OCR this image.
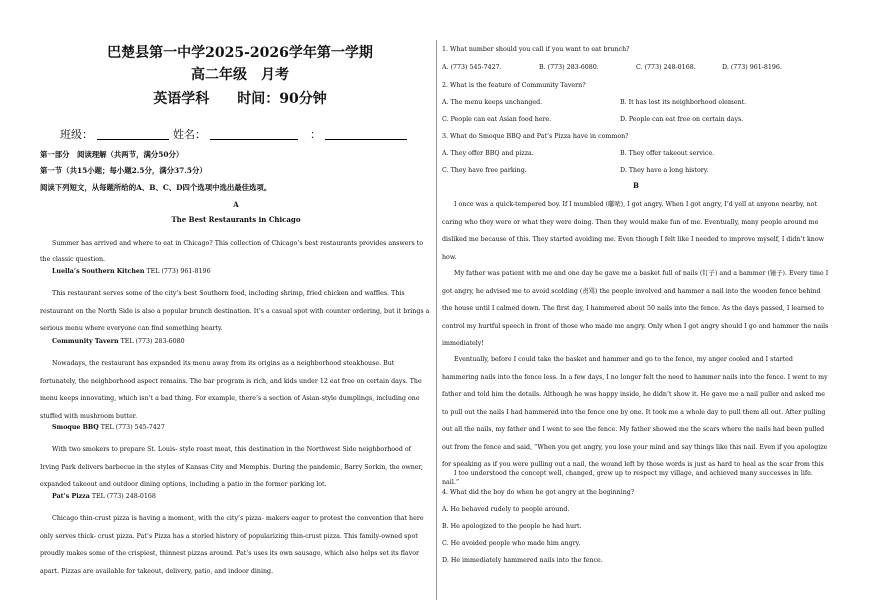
巴楚县第一中学2025-2026学年第一学期
高二年级　月考
英语学科　　时间：90分钟
班级：	姓名：	：
第一部分　阅读理解（共两节，满分50分）
第一节（共15小题；每小题2.5分，满分37.5分）
阅读下列短文，从每题所给的A、B、C、D四个选项中选出最佳选项。
A
The Best Restaurants in Chicago
Summer has arrived and where to eat in Chicago? This collection of Chicago’s best restaurants provides answers to the classic question.
Luella’s Southern Kitchen TEL (773) 961-8196
This restaurant serves some of the city’s best Southern food, including shrimp, fried chicken and waffles. This restaurant on the North Side is also a popular brunch destination. It’s a casual spot with counter ordering, but it brings a serious menu where everyone can find something hearty.
Community Tavern TEL (773) 283-6080
Nowadays, the restaurant has expanded its menu away from its origins as a neighborhood steakhouse. But fortunately, the neighborhood aspect remains. The bar program is rich, and kids under 12 eat free on certain days. The menu keeps innovating, which isn’t a bad thing. For example, there’s a section of Asian-style dumplings, including one stuffed with mushroom butter.
Smoque BBQ TEL (773) 545-7427
With two smokers to prepare St. Louis- style roast meat, this destination in the Northwest Side neighborhood of Irving Park delivers barbecue in the styles of Kansas City and Memphis. During the pandemic, Barry Sorkin, the owner, expanded takeout and outdoor dining options, including a patio in the former parking lot.
Pat’s Pizza TEL (773) 248-0168
Chicago thin-crust pizza is having a moment, with the city’s pizza- makers eager to protest the convention that here only serves thick- crust pizza. Pat’s Pizza has a storied history of popularizing thin-crust pizza. This family-owned spot proudly makes some of the crispiest, thinnest pizzas around. Pat’s uses its own sausage, which also helps set its flavor apart. Pizzas are available for takeout, delivery, patio, and indoor dining.
1. What number should you call if you want to eat brunch?
A. (773) 545-7427.	B. (773) 283-6080.	C. (773) 248-0168.	D. (773) 961-8196.
2. What is the feature of Community Tavern?
A. The menu keeps unchanged.	B. It has lost its neighborhood element.
C. People can eat Asian food here.	D. People can eat free on certain days.
3. What do Smoque BBQ and Pat’s Pizza have in common?
A. They offer BBQ and pizza.	B. They offer takeout service.
C. They have free parking.	D. They have a long history.
B
I once was a quick-tempered boy. If I mumbled (嘟哝), I got angry. When I got angry, I’d yell at anyone nearby, not caring who they were or what they were doing. Then they would make fun of me. Eventually, many people around me disliked me because of this. They started avoiding me. Even though I felt like I needed to improve myself, I didn’t know how.
My father was patient with me and one day he gave me a basket full of nails (钉子) and a hammer (锤子). Every time I got angry, he advised me to avoid scolding (责骂) the people involved and hammer a nail into the wooden fence behind the house until I calmed down. The first day, I hammered about 50 nails into the fence. As the days passed, I learned to control my hurtful speech in front of those who made me angry. Only when I got angry should I go and hammer the nails immediately!
Eventually, before I could take the basket and hammer and go to the fence, my anger cooled and I started hammering nails into the fence less. In a few days, I no longer felt the need to hammer nails into the fence. I went to my father and told him the details. Although he was happy inside, he didn’t show it. He gave me a nail puller and asked me to pull out the nails I had hammered into the fence one by one. It took me a whole day to pull them all out. After pulling out all the nails, my father and I went to see the fence. My father showed me the scars where the nails had been pulled out from the fence and said, “When you get angry, you lose your mind and say things like this nail. Even if you apologize for speaking as if you were pulling out a nail, the wound left by those words is just as hard to heal as the scar from this nail.”
I too understood the concept well, changed, grew up to respect my village, and achieved many successes in life.
4. What did the boy do when he got angry at the beginning?
A. He behaved rudely to people around.
B. He apologized to the people he had hurt.
C. He avoided people who made him angry.
D. He immediately hammered nails into the fence.
